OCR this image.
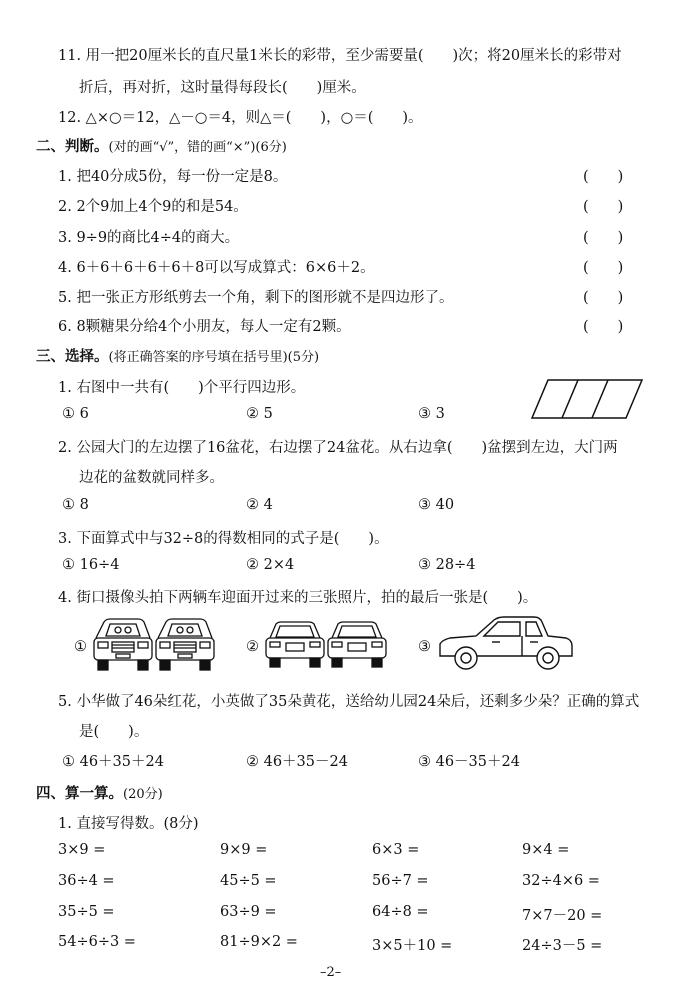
11. 用一把20厘米长的直尺量1米长的彩带，至少需要量(　　)次；将20厘米长的彩带对
折后，再对折，这时量得每段长(　　)厘米。
12. △×○＝12，△－○＝4，则△＝(　　)，○＝(　　)。
二、判断。(对的画“√”，错的画“×”)(6分)
1. 把40分成5份，每一份一定是8。	(　　)
2. 2个9加上4个9的和是54。	(　　)
3. 9÷9的商比4÷4的商大。	(　　)
4. 6＋6＋6＋6＋6＋8可以写成算式：6×6＋2。	(　　)
5. 把一张正方形纸剪去一个角，剩下的图形就不是四边形了。	(　　)
6. 8颗糖果分给4个小朋友，每人一定有2颗。	(　　)
三、选择。(将正确答案的序号填在括号里)(5分)
1. 右图中一共有(　　)个平行四边形。
① 6	② 5	③ 3
2. 公园大门的左边摆了16盆花，右边摆了24盆花。从右边拿(　　)盆摆到左边，大门两
边花的盆数就同样多。
① 8	② 4	③ 40
3. 下面算式中与32÷8的得数相同的式子是(　　)。
① 16÷4	② 2×4	③ 28÷4
4. 街口摄像头拍下两辆车迎面开过来的三张照片，拍的最后一张是(　　)。
①	②	③
5. 小华做了46朵红花，小英做了35朵黄花，送给幼儿园24朵后，还剩多少朵？正确的算式
是(　　)。
① 46＋35＋24	② 46＋35－24	③ 46－35＋24
四、算一算。(20分)
1. 直接写得数。(8分)
3×9 =	9×9 =	6×3 =	9×4 =
36÷4 =	45÷5 =	56÷7 =	32÷4×6 =
35÷5 =	63÷9 =	64÷8 =	7×7－20 =
54÷6÷3 =	81÷9×2 =	3×5＋10 =	24÷3－5 =
–2–
